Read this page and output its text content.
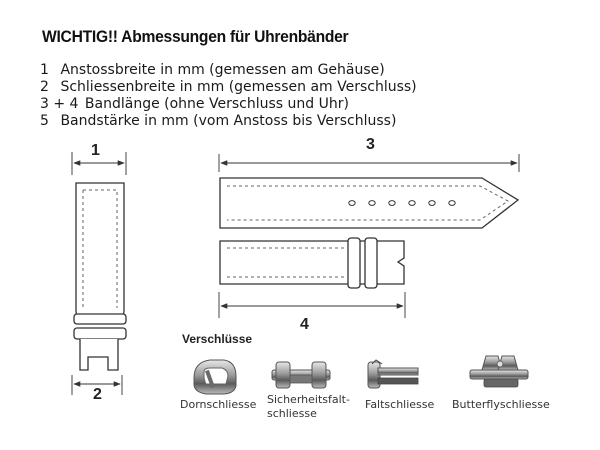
WICHTIG!! Abmessungen für Uhrenbänder
1 Anstossbreite in mm (gemessen am Gehäuse)
2 Schliessenbreite in mm (gemessen am Verschluss)
3 + 4 Bandlänge (ohne Verschluss und Uhr)
5 Bandstärke in mm (vom Anstoss bis Verschluss)
1
2
3
4
Verschlüsse
Dornschliesse Sicherheitsfalt-
schliesse
Faltschliesse Butterflyschliesse
